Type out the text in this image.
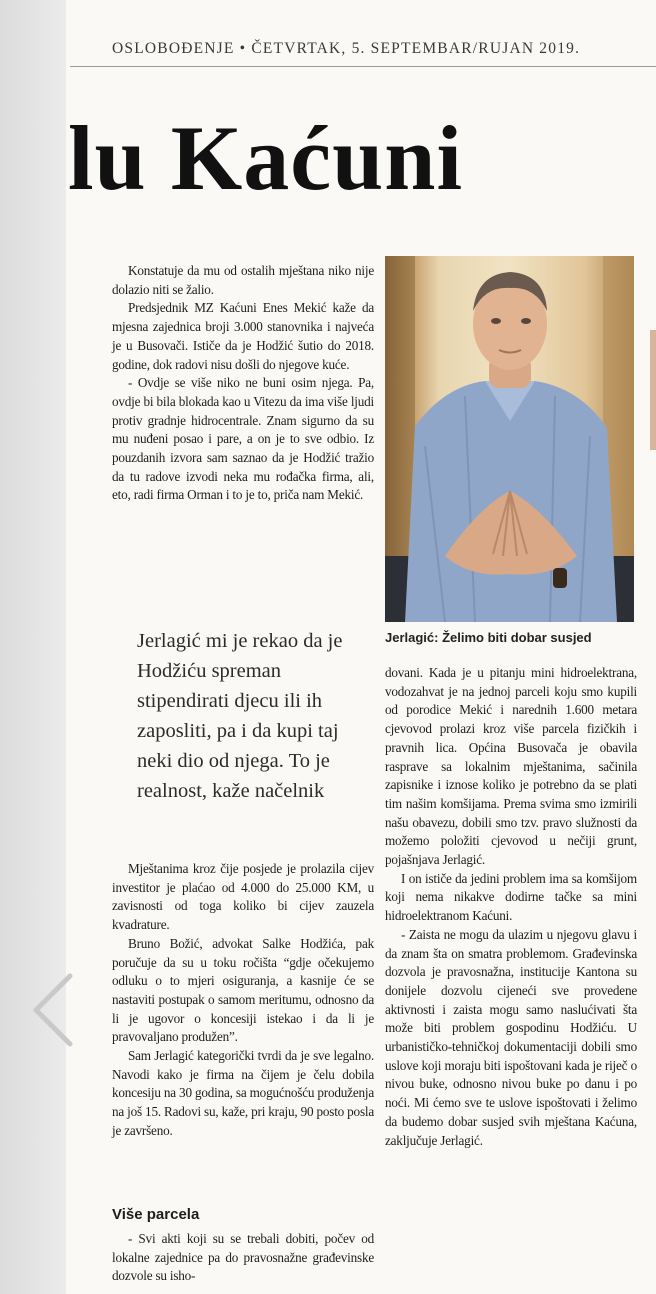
OSLOBOĐENJE • ČETVRTAK, 5. SEPTEMBAR/RUJAN 2019.
lu Kaćuni

Konstatuje da mu od ostalih mještana niko nije dolazio niti se žalio.

Predsjednik MZ Kaćuni Enes Mekić kaže da mjesna zajednica broji 3.000 stanovnika i najveća je u Busovači. Ističe da je Hodžić šutio do 2018. godine, dok radovi nisu došli do njegove kuće.

- Ovdje se više niko ne buni osim njega. Pa, ovdje bi bila blokada kao u Vitezu da ima više ljudi protiv gradnje hidrocentrale. Znam sigurno da su mu nuđeni posao i pare, a on je to sve odbio. Iz pouzdanih izvora sam saznao da je Hodžić tražio da tu radove izvodi neka mu rođačka firma, ali, eto, radi firma Orman i to je to, priča nam Mekić.

Jerlagić: Želimo biti dobar susjed
Jerlagić mi je rekao da je Hodžiću spreman stipendirati djecu ili ih zaposliti, pa i da kupi taj neki dio od njega. To je realnost, kaže načelnik

dovani. Kada je u pitanju mini hidroelektrana, vodozahvat je na jednoj parceli koju smo kupili od porodice Mekić i narednih 1.600 metara cjevovod prolazi kroz više parcela fizičkih i pravnih lica. Općina Busovača je obavila rasprave sa lokalnim mještanima, sačinila zapisnike i iznose koliko je potrebno da se plati tim našim komšijama. Prema svima smo izmirili našu obavezu, dobili smo tzv. pravo služnosti da možemo položiti cjevovod u nečiji grunt, pojašnjava Jerlagić.

I on ističe da jedini problem ima sa komšijom koji nema nikakve dodirne tačke sa mini hidroelektranom Kaćuni.

- Zaista ne mogu da ulazim u njegovu glavu i da znam šta on smatra problemom. Građevinska dozvola je pravosnažna, institucije Kantona su donijele dozvolu cijeneći sve provedene aktivnosti i zaista mogu samo naslućivati šta može biti problem gospodinu Hodžiću. U urbanističko-tehničkoj dokumentaciji dobili smo uslove koji moraju biti ispoštovani kada je riječ o nivou buke, odnosno nivou buke po danu i po noći. Mi ćemo sve te uslove ispoštovati i želimo da budemo dobar susjed svih mještana Kaćuna, zaključuje Jerlagić.

Mještanima kroz čije posjede je prolazila cijev investitor je plaćao od 4.000 do 25.000 KM, u zavisnosti od toga koliko bi cijev zauzela kvadrature.

Bruno Božić, advokat Salke Hodžića, pak poručuje da su u toku ročišta “gdje očekujemo odluku o to mjeri osiguranja, a kasnije će se nastaviti postupak o samom meritumu, odnosno da li je ugovor o koncesiji istekao i da li je pravovaljano produžen”.

Sam Jerlagić kategorički tvrdi da je sve legalno. Navodi kako je firma na čijem je čelu dobila koncesiju na 30 godina, sa mogućnošću produženja na još 15. Radovi su, kaže, pri kraju, 90 posto posla je završeno.

Više parcela

- Svi akti koji su se trebali dobiti, počev od lokalne zajednice pa do pravosnažne građevinske dozvole su isho-
